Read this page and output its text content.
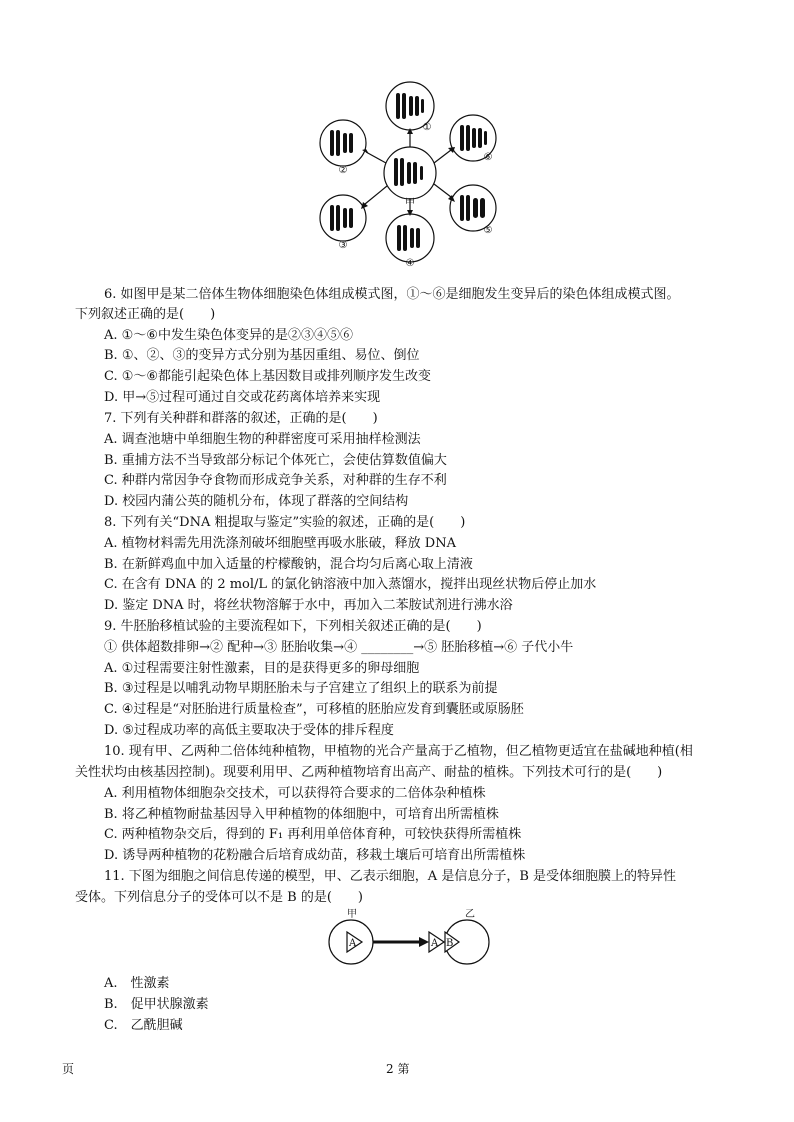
甲
①
⑥
⑤
④
③
②
6. 如图甲是某二倍体生物体细胞染色体组成模式图，①～⑥是细胞发生变异后的染色体组成模式图。
下列叙述正确的是(　　)
A. ①～⑥中发生染色体变异的是②③④⑤⑥
B. ①、②、③的变异方式分别为基因重组、易位、倒位
C. ①～⑥都能引起染色体上基因数目或排列顺序发生改变
D. 甲→⑤过程可通过自交或花药离体培养来实现
7. 下列有关种群和群落的叙述，正确的是(　　)
A. 调查池塘中单细胞生物的种群密度可采用抽样检测法
B. 重捕方法不当导致部分标记个体死亡，会使估算数值偏大
C. 种群内常因争夺食物而形成竞争关系，对种群的生存不利
D. 校园内蒲公英的随机分布，体现了群落的空间结构
8. 下列有关“DNA 粗提取与鉴定”实验的叙述，正确的是(　　)
A. 植物材料需先用洗涤剂破坏细胞壁再吸水胀破，释放 DNA
B. 在新鲜鸡血中加入适量的柠檬酸钠，混合均匀后离心取上清液
C. 在含有 DNA 的 2 mol/L 的氯化钠溶液中加入蒸馏水，搅拌出现丝状物后停止加水
D. 鉴定 DNA 时，将丝状物溶解于水中，再加入二苯胺试剂进行沸水浴
9. 牛胚胎移植试验的主要流程如下，下列相关叙述正确的是(　　)
① 供体超数排卵→② 配种→③ 胚胎收集→④ ________→⑤ 胚胎移植→⑥ 子代小牛
A. ①过程需要注射性激素，目的是获得更多的卵母细胞
B. ③过程是以哺乳动物早期胚胎未与子宫建立了组织上的联系为前提
C. ④过程是“对胚胎进行质量检查”，可移植的胚胎应发育到囊胚或原肠胚
D. ⑤过程成功率的高低主要取决于受体的排斥程度
10. 现有甲、乙两种二倍体纯种植物，甲植物的光合产量高于乙植物，但乙植物更适宜在盐碱地种植(相
关性状均由核基因控制)。现要利用甲、乙两种植物培育出高产、耐盐的植株。下列技术可行的是(　　)
A. 利用植物体细胞杂交技术，可以获得符合要求的二倍体杂种植株
B. 将乙种植物耐盐基因导入甲种植物的体细胞中，可培育出所需植株
C. 两种植物杂交后，得到的 F₁ 再利用单倍体育种，可较快获得所需植株
D. 诱导两种植物的花粉融合后培育成幼苗，移栽土壤后可培育出所需植株
11. 下图为细胞之间信息传递的模型，甲、乙表示细胞，A 是信息分子，B 是受体细胞膜上的特异性
受体。下列信息分子的受体可以不是 B 的是(　　)
甲	乙
A	A B
A.　性激素
B.　促甲状腺激素
C.　乙酰胆碱
页	2 第
